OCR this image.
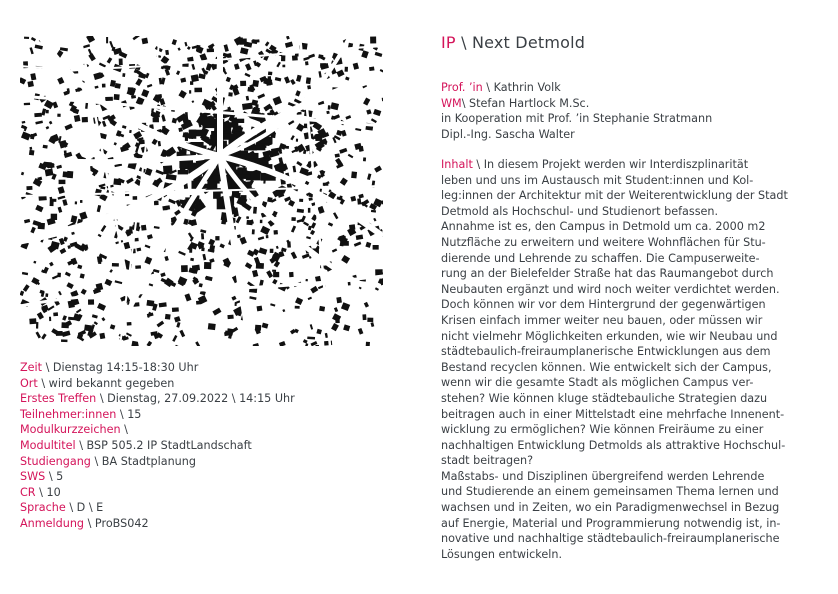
IP \ Next Detmold
Prof. ’in \ Kathrin Volk
WM\ Stefan Hartlock M.Sc.
in Kooperation mit Prof. ’in Stephanie Stratmann
Dipl.-Ing. Sascha Walter

Inhalt \ In diesem Projekt werden wir Interdiszplinarität

leben und uns im Austausch mit Student:innen und Kol-

leg:innen der Architektur mit der Weiterentwicklung der Stadt

Detmold als Hochschul- und Studienort befassen.

Annahme ist es, den Campus in Detmold um ca. 2000 m2

Nutzfläche zu erweitern und weitere Wohnflächen für Stu-

dierende und Lehrende zu schaffen. Die Campuserweite-

rung an der Bielefelder Straße hat das Raumangebot durch

Neubauten ergänzt und wird noch weiter verdichtet werden.

Doch können wir vor dem Hintergrund der gegenwärtigen

Krisen einfach immer weiter neu bauen, oder müssen wir

nicht vielmehr Möglichkeiten erkunden, wie wir Neubau und

städtebaulich-freiraumplanerische Entwicklungen aus dem

Bestand recyclen können. Wie entwickelt sich der Campus,

wenn wir die gesamte Stadt als möglichen Campus ver-

stehen? Wie können kluge städtebauliche Strategien dazu

beitragen auch in einer Mittelstadt eine mehrfache Innenent-

wicklung zu ermöglichen? Wie können Freiräume zu einer

nachhaltigen Entwicklung Detmolds als attraktive Hochschul-

stadt beitragen?

Maßstabs- und Disziplinen übergreifend werden Lehrende

und Studierende an einem gemeinsamen Thema lernen und

wachsen und in Zeiten, wo ein Paradigmenwechsel in Bezug

auf Energie, Material und Programmierung notwendig ist, in-

novative und nachhaltige städtebaulich-freiraumplanerische

Lösungen entwickeln.

Zeit \ Dienstag 14:15-18:30 Uhr
Ort \ wird bekannt gegeben
Erstes Treffen \ Dienstag, 27.09.2022 \ 14:15 Uhr
Teilnehmer:innen \ 15
Modulkurzzeichen \
Modultitel \ BSP 505.2 IP StadtLandschaft
Studiengang \ BA Stadtplanung
SWS \ 5
CR \ 10
Sprache \ D \ E
Anmeldung \ ProBS042
